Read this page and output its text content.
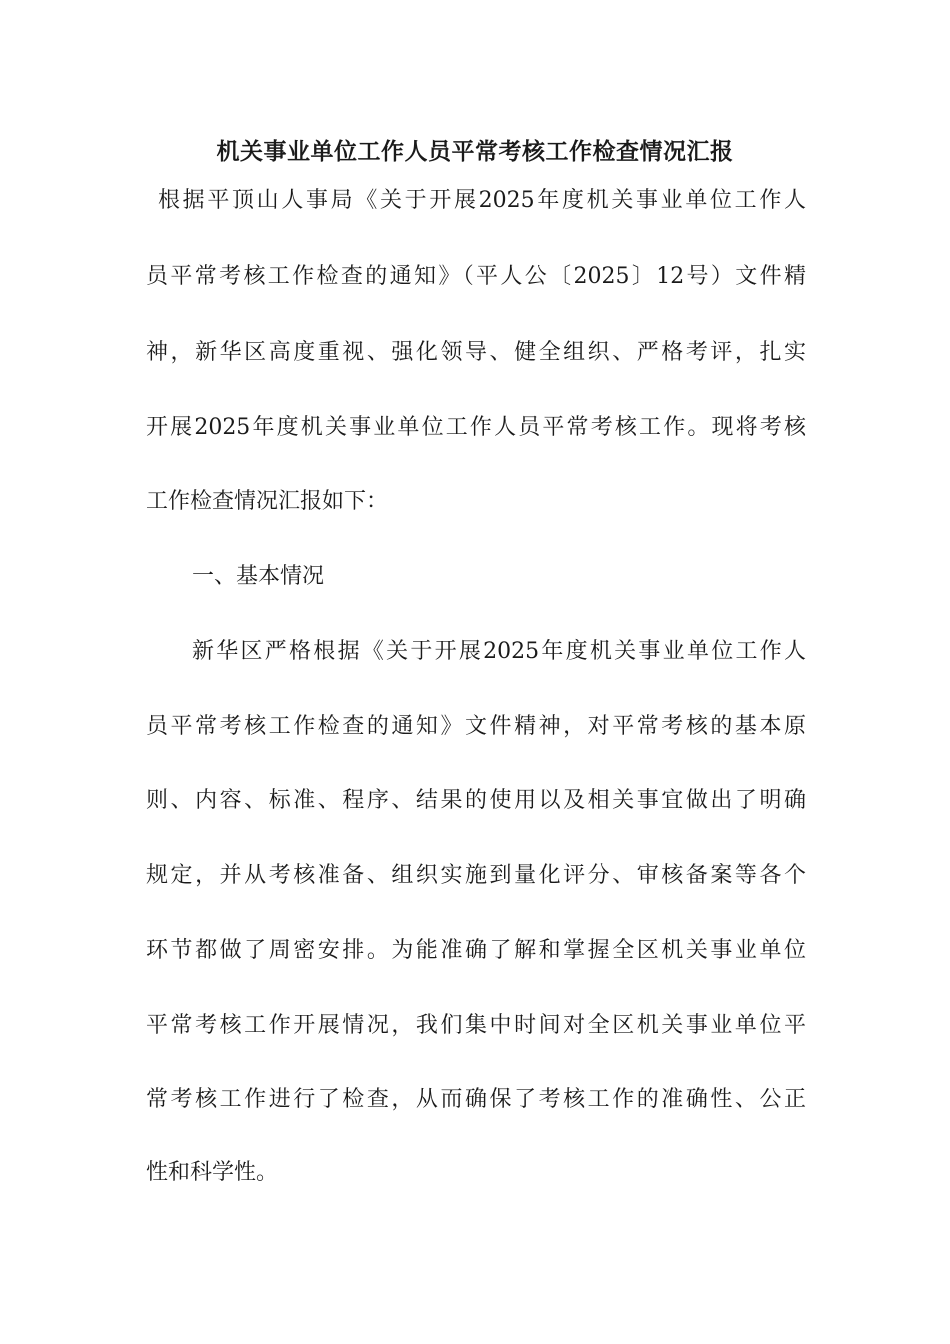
机关事业单位工作人员平常考核工作检查情况汇报
根据平顶山人事局《关于开展2025年度机关事业单位工作人
员平常考核工作检查的通知》（平人公〔2025〕12号）文件精
神，新华区高度重视、强化领导、健全组织、严格考评，扎实
开展2025年度机关事业单位工作人员平常考核工作。现将考核
工作检查情况汇报如下：
一、基本情况
新华区严格根据《关于开展2025年度机关事业单位工作人
员平常考核工作检查的通知》文件精神，对平常考核的基本原
则、内容、标准、程序、结果的使用以及相关事宜做出了明确
规定，并从考核准备、组织实施到量化评分、审核备案等各个
环节都做了周密安排。为能准确了解和掌握全区机关事业单位
平常考核工作开展情况，我们集中时间对全区机关事业单位平
常考核工作进行了检查，从而确保了考核工作的准确性、公正
性和科学性。
